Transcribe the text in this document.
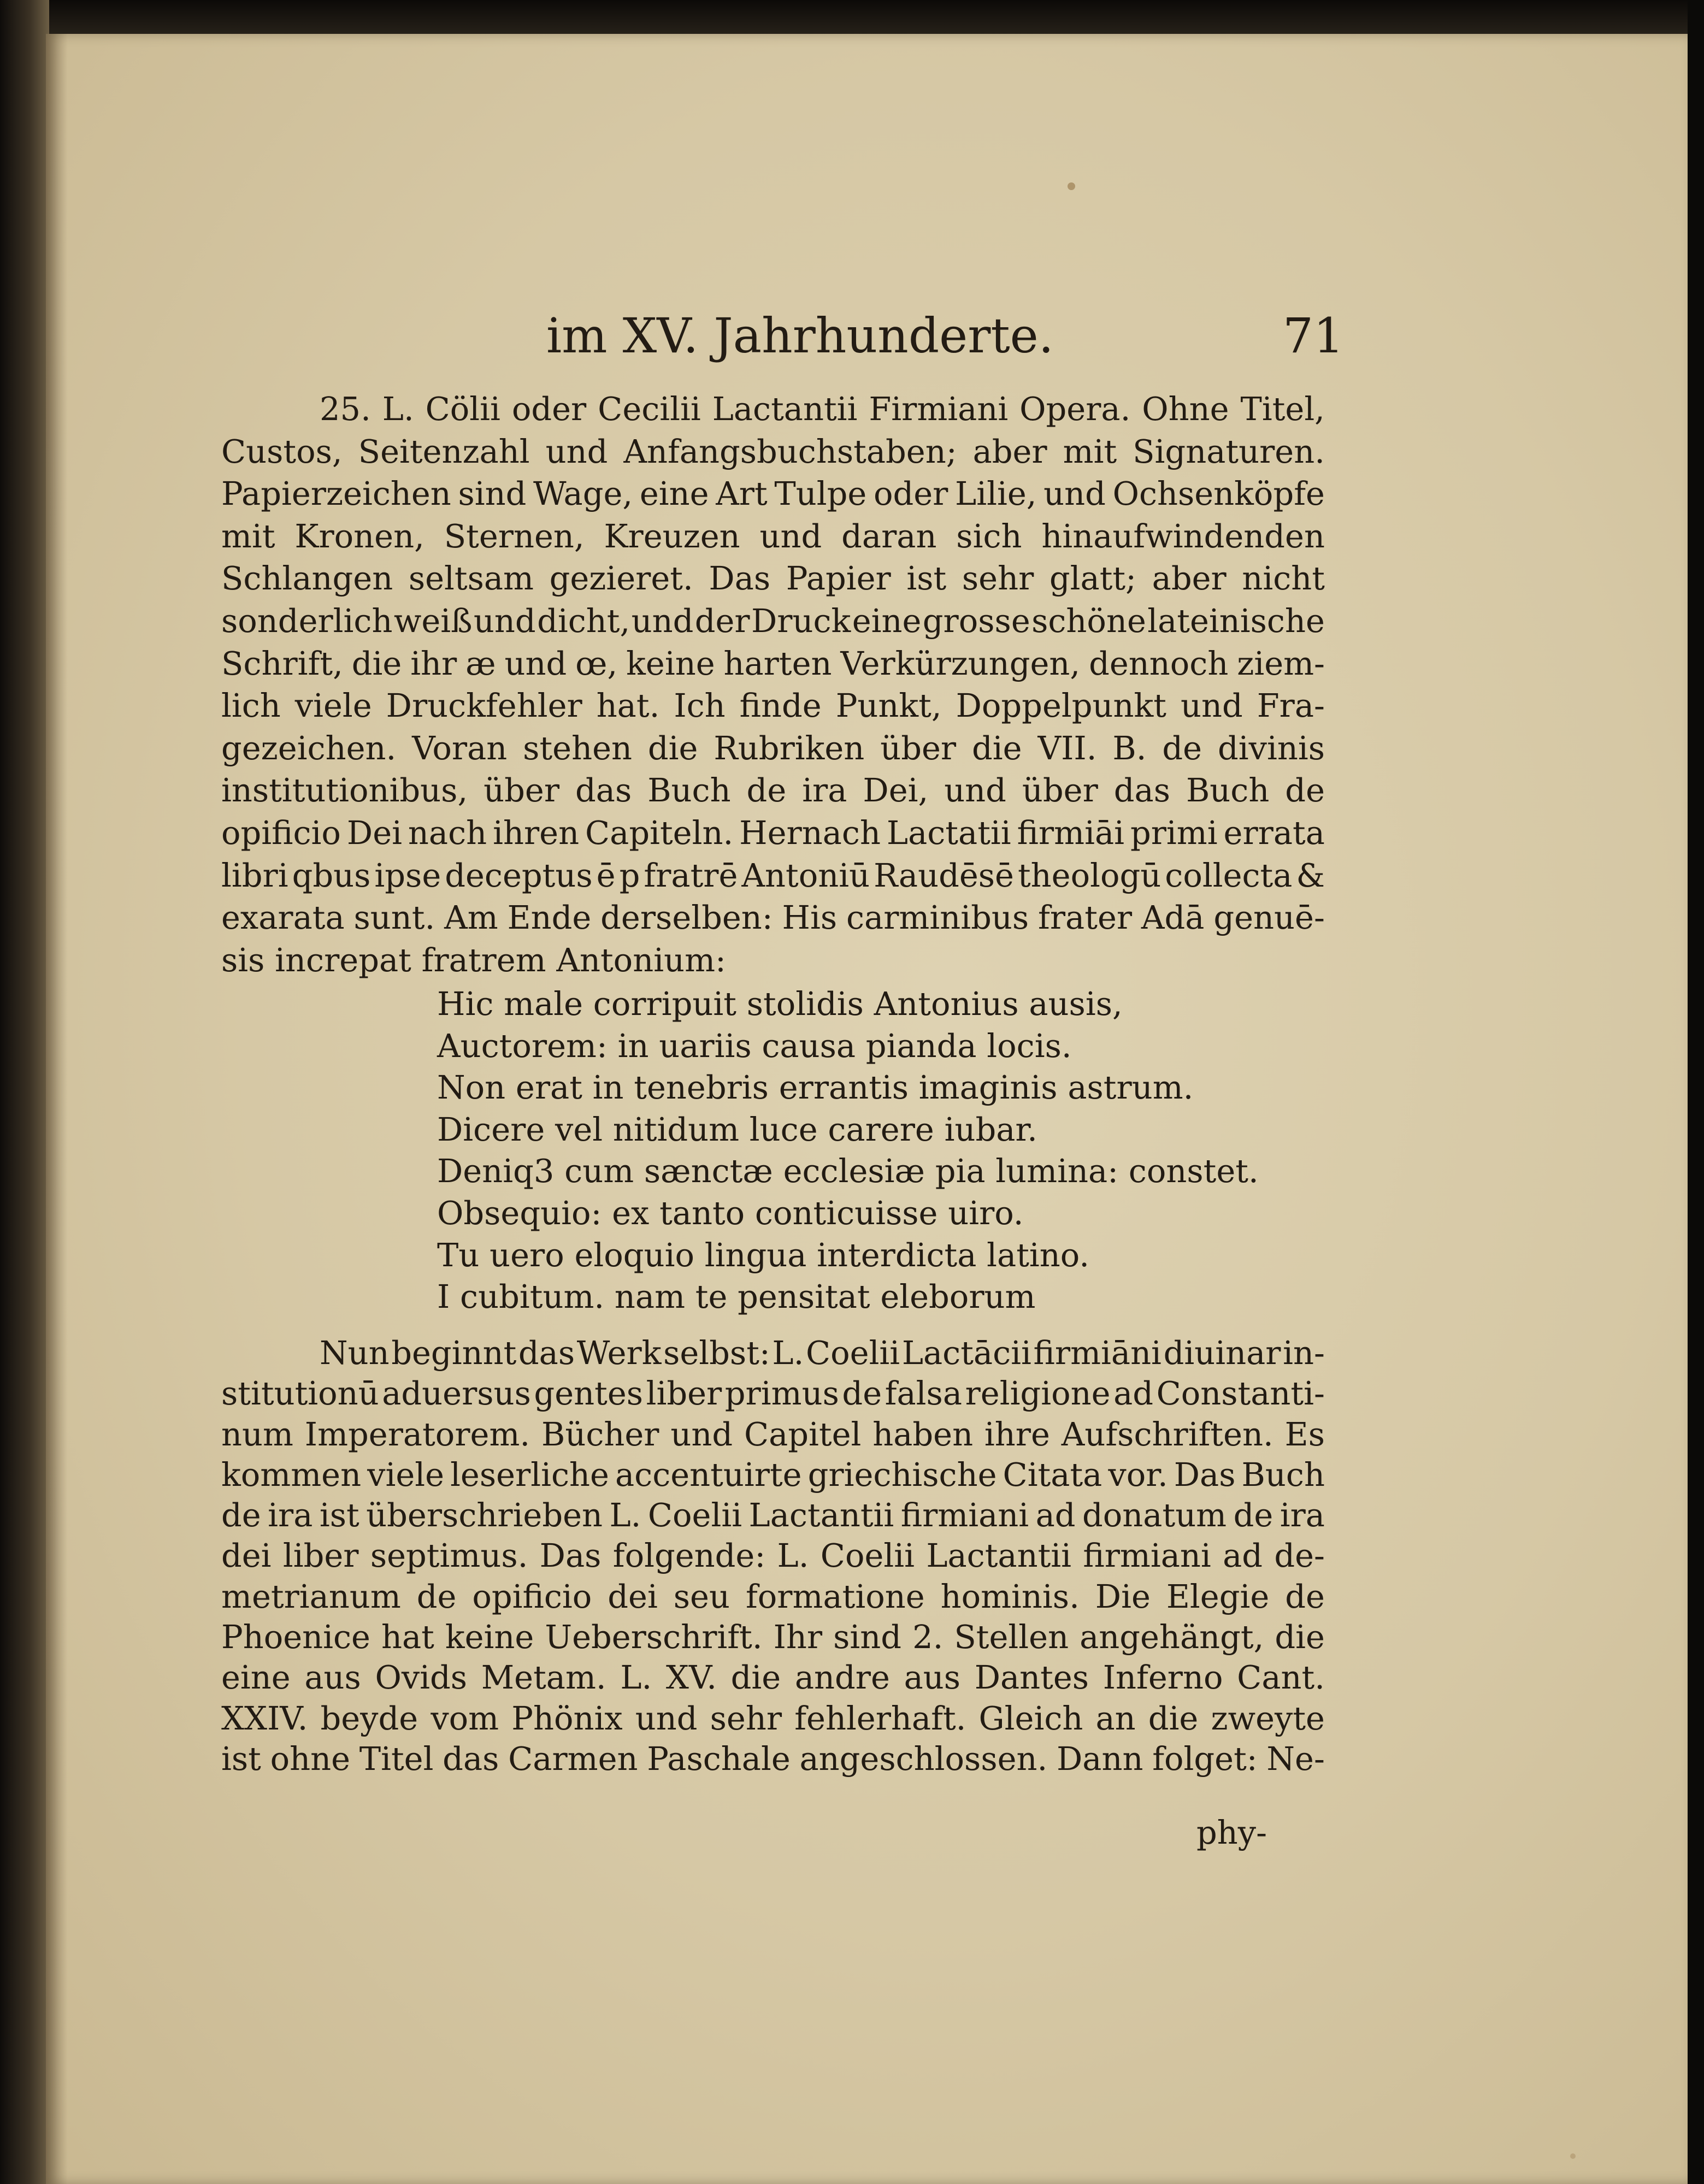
im XV. Jahrhunderte.	71
25. L. Cölii oder Cecilii Lactantii Firmiani Opera. Ohne Titel,
Custos, Seitenzahl und Anfangsbuchstaben; aber mit Signaturen.
Papierzeichen sind Wage, eine Art Tulpe oder Lilie, und Ochsenköpfe
mit Kronen, Sternen, Kreuzen und daran sich hinaufwindenden
Schlangen seltsam gezieret. Das Papier ist sehr glatt; aber nicht
sonderlich weiß und dicht, und der Druck eine grosse schöne lateinische
Schrift, die ihr æ und œ, keine harten Verkürzungen, dennoch ziem-
lich viele Druckfehler hat. Ich finde Punkt, Doppelpunkt und Fra-
gezeichen. Voran stehen die Rubriken über die VII. B. de divinis
institutionibus, über das Buch de ira Dei, und über das Buch de
opificio Dei nach ihren Capiteln. Hernach Lactatii firmiāi primi errata
libri qbus ipse deceptus ē p fratrē Antoniū Raudēsē theologū collecta &
exarata sunt. Am Ende derselben: His carminibus frater Adā genuē-
sis increpat fratrem Antonium:
Hic male corripuit stolidis Antonius ausis,
Auctorem: in uariis causa pianda locis.
Non erat in tenebris errantis imaginis astrum.
Dicere vel nitidum luce carere iubar.
Deniq3 cum sænctæ ecclesiæ pia lumina: constet.
Obsequio: ex tanto conticuisse uiro.
Tu uero eloquio lingua interdicta latino.
I cubitum. nam te pensitat eleborum
Nun beginnt das Werk selbst: L. Coelii Lactācii firmiāni diuinar in-
stitutionū aduersus gentes liber primus de falsa religione ad Constanti-
num Imperatorem. Bücher und Capitel haben ihre Aufschriften. Es
kommen viele leserliche accentuirte griechische Citata vor. Das Buch
de ira ist überschrieben L. Coelii Lactantii firmiani ad donatum de ira
dei liber septimus. Das folgende: L. Coelii Lactantii firmiani ad de-
metrianum de opificio dei seu formatione hominis. Die Elegie de
Phoenice hat keine Ueberschrift. Ihr sind 2. Stellen angehängt, die
eine aus Ovids Metam. L. XV. die andre aus Dantes Inferno Cant.
XXIV. beyde vom Phönix und sehr fehlerhaft. Gleich an die zweyte
ist ohne Titel das Carmen Paschale angeschlossen. Dann folget: Ne-
phy-
